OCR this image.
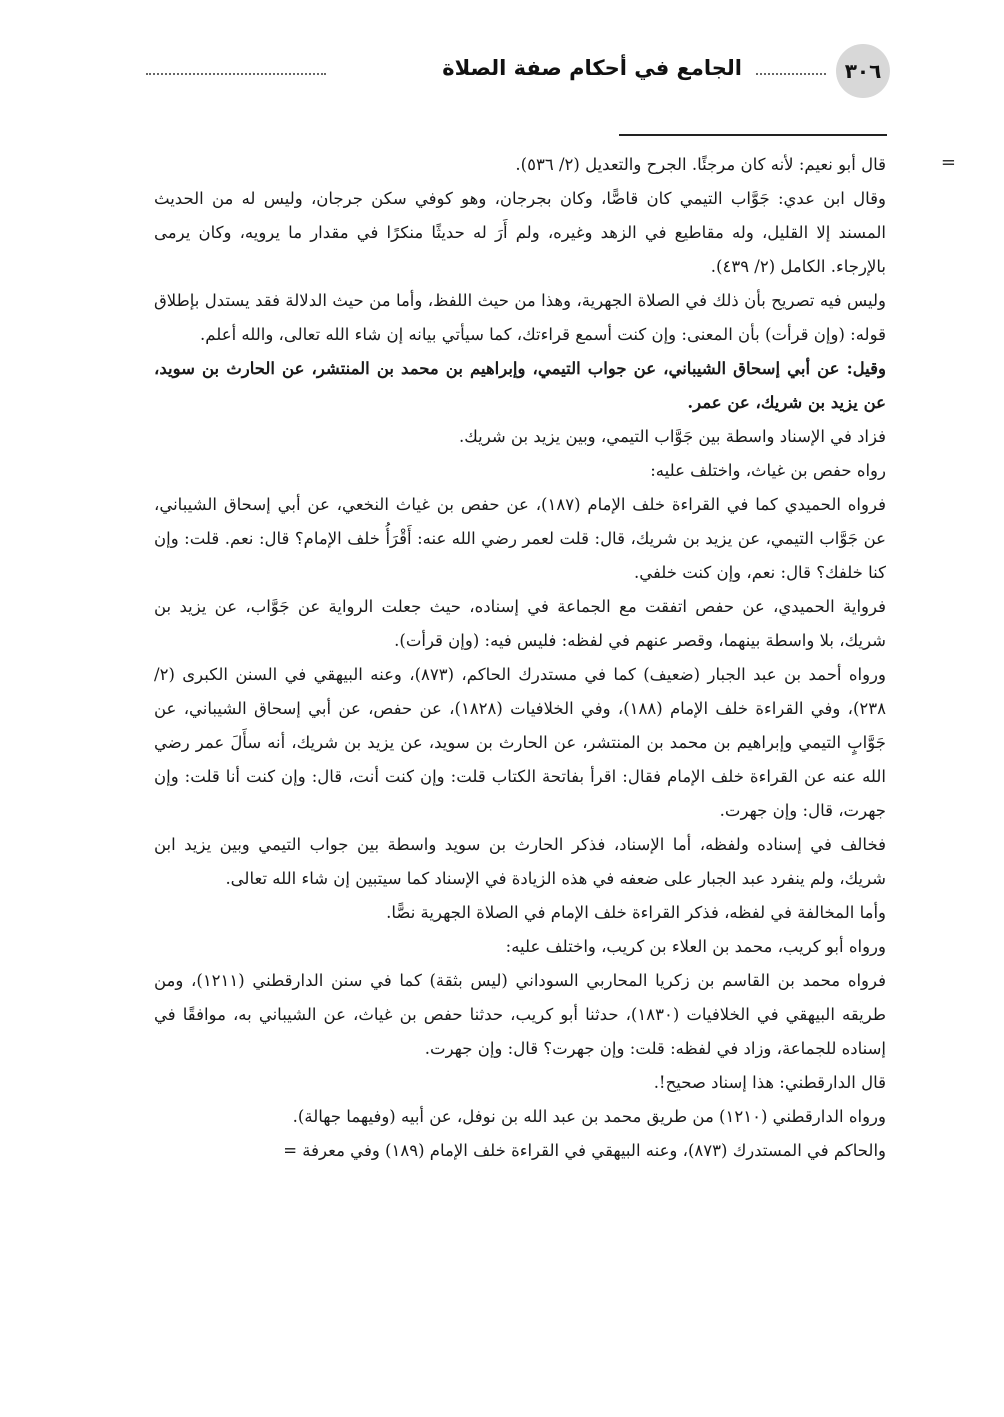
٣٠٦
الجامع في أحكام صفة الصلاة
=

قال أبو نعيم: لأنه كان مرجئًا. الجرح والتعديل (٢/ ٥٣٦).

وقال ابن عدي: جَوَّاب التيمي كان قاصًّا، وكان بجرجان، وهو كوفي سكن جرجان، وليس له من الحديث المسند إلا القليل، وله مقاطيع في الزهد وغيره، ولم أَرَ له حديثًا منكرًا في مقدار ما يرويه، وكان يرمى بالإرجاء. الكامل (٢/ ٤٣٩).

وليس فيه تصريح بأن ذلك في الصلاة الجهرية، وهذا من حيث اللفظ، وأما من حيث الدلالة فقد يستدل بإطلاق قوله: (وإن قرأت) بأن المعنى: وإن كنت أسمع قراءتك، كما سيأتي بيانه إن شاء الله تعالى، والله أعلم.

وقيل: عن أبي إسحاق الشيباني، عن جواب التيمي، وإبراهيم بن محمد بن المنتشر، عن الحارث بن سويد، عن يزيد بن شريك، عن عمر.

فزاد في الإسناد واسطة بين جَوَّاب التيمي، وبين يزيد بن شريك.

رواه حفص بن غياث، واختلف عليه:

فرواه الحميدي كما في القراءة خلف الإمام (١٨٧)، عن حفص بن غياث النخعي، عن أبي إسحاق الشيباني، عن جَوَّاب التيمي، عن يزيد بن شريك، قال: قلت لعمر رضي الله عنه: أَقْرَأُ خلف الإمام؟ قال: نعم. قلت: وإن كنا خلفك؟ قال: نعم، وإن كنت خلفي.

فرواية الحميدي، عن حفص اتفقت مع الجماعة في إسناده، حيث جعلت الرواية عن جَوَّاب، عن يزيد بن شريك، بلا واسطة بينهما، وقصر عنهم في لفظه: فليس فيه: (وإن قرأت).

ورواه أحمد بن عبد الجبار (ضعيف) كما في مستدرك الحاكم، (٨٧٣)، وعنه البيهقي في السنن الكبرى (٢/ ٢٣٨)، وفي القراءة خلف الإمام (١٨٨)، وفي الخلافيات (١٨٢٨)، عن حفص، عن أبي إسحاق الشيباني، عن جَوَّابٍ التيمي وإبراهيم بن محمد بن المنتشر، عن الحارث بن سويد، عن يزيد بن شريك، أنه سأَلَ عمر رضي الله عنه عن القراءة خلف الإمام فقال: اقرأ بفاتحة الكتاب قلت: وإن كنت أنت، قال: وإن كنت أنا قلت: وإن جهرت، قال: وإن جهرت.

فخالف في إسناده ولفظه، أما الإسناد، فذكر الحارث بن سويد واسطة بين جواب التيمي وبين يزيد ابن شريك، ولم ينفرد عبد الجبار على ضعفه في هذه الزيادة في الإسناد كما سيتبين إن شاء الله تعالى.

وأما المخالفة في لفظه، فذكر القراءة خلف الإمام في الصلاة الجهرية نصًّا.

ورواه أبو كريب، محمد بن العلاء بن كريب، واختلف عليه:

فرواه محمد بن القاسم بن زكريا المحاربي السوداني (ليس بثقة) كما في سنن الدارقطني (١٢١١)، ومن طريقه البيهقي في الخلافيات (١٨٣٠)، حدثنا أبو كريب، حدثنا حفص بن غياث، عن الشيباني به، موافقًا في إسناده للجماعة، وزاد في لفظه: قلت: وإن جهرت؟ قال: وإن جهرت.

قال الدارقطني: هذا إسناد صحيح!.

ورواه الدارقطني (١٢١٠) من طريق محمد بن عبد الله بن نوفل، عن أبيه (وفيهما جهالة).

والحاكم في المستدرك (٨٧٣)، وعنه البيهقي في القراءة خلف الإمام (١٨٩) وفي معرفة =
